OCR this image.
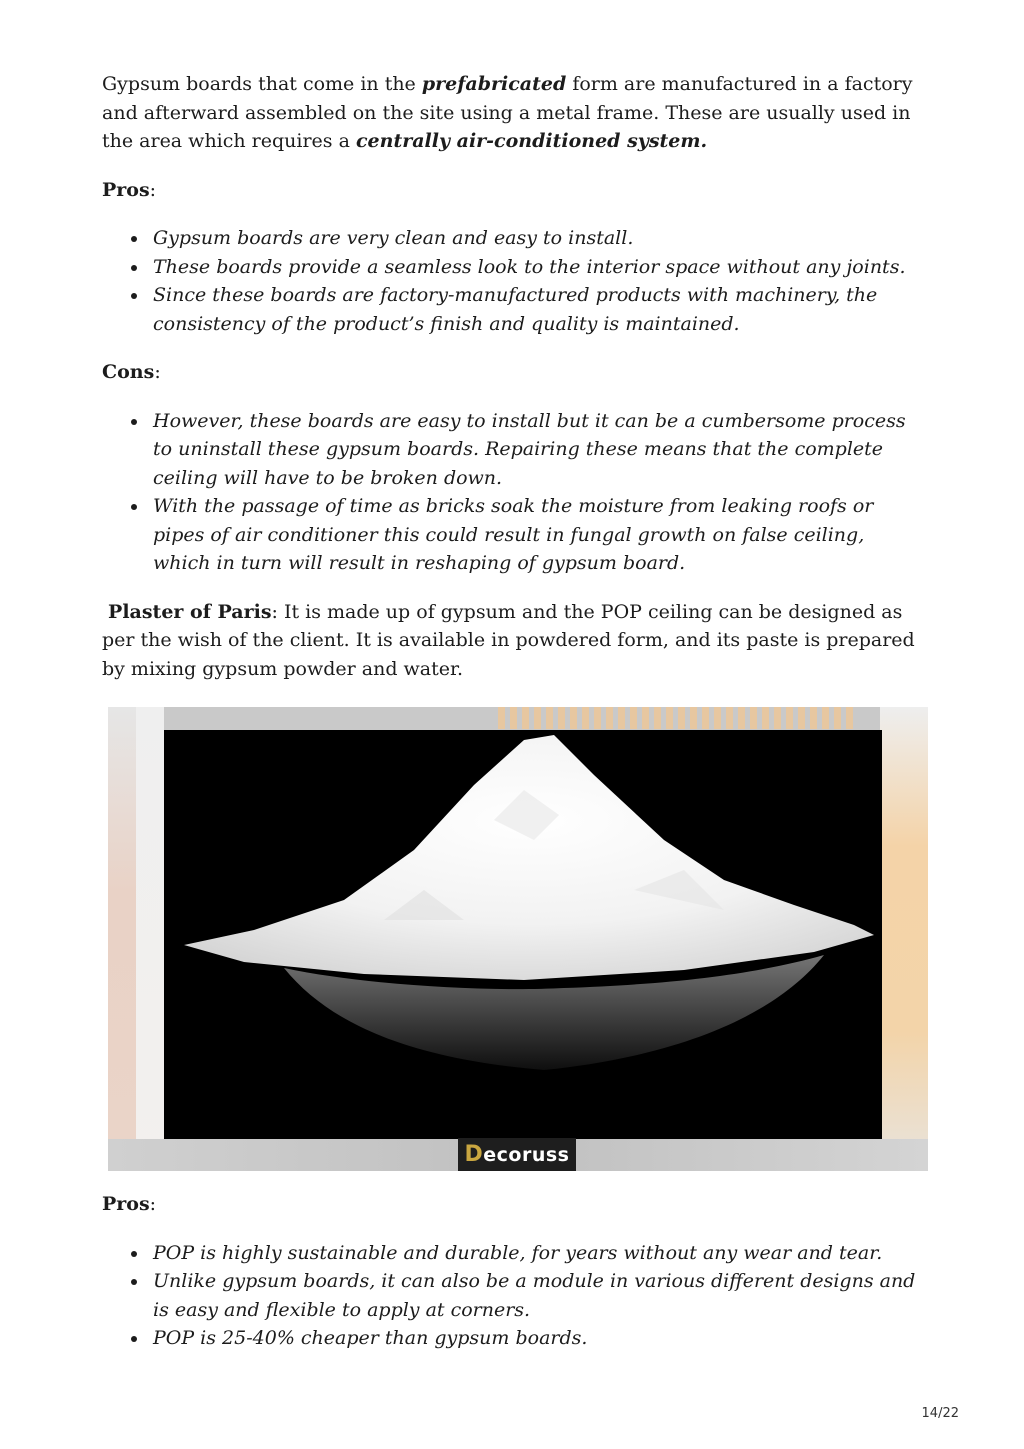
Gypsum boards that come in the prefabricated form are manufactured in a factory and afterward assembled on the site using a metal frame. These are usually used in the area which requires a centrally air-conditioned system.

Pros:

Gypsum boards are very clean and easy to install.
These boards provide a seamless look to the interior space without any joints.
Since these boards are factory-manufactured products with machinery, the consistency of the product’s finish and quality is maintained.

Cons:

However, these boards are easy to install but it can be a cumbersome process to uninstall these gypsum boards. Repairing these means that the complete ceiling will have to be broken down.
With the passage of time as bricks soak the moisture from leaking roofs or pipes of air conditioner this could result in fungal growth on false ceiling, which in turn will result in reshaping of gypsum board.

Plaster of Paris: It is made up of gypsum and the POP ceiling can be designed as per the wish of the client. It is available in powdered form, and its paste is prepared by mixing gypsum powder and water.

Decoruss

Pros:

POP is highly sustainable and durable, for years without any wear and tear.
Unlike gypsum boards, it can also be a module in various different designs and is easy and flexible to apply at corners.
POP is 25-40% cheaper than gypsum boards.
14/22
